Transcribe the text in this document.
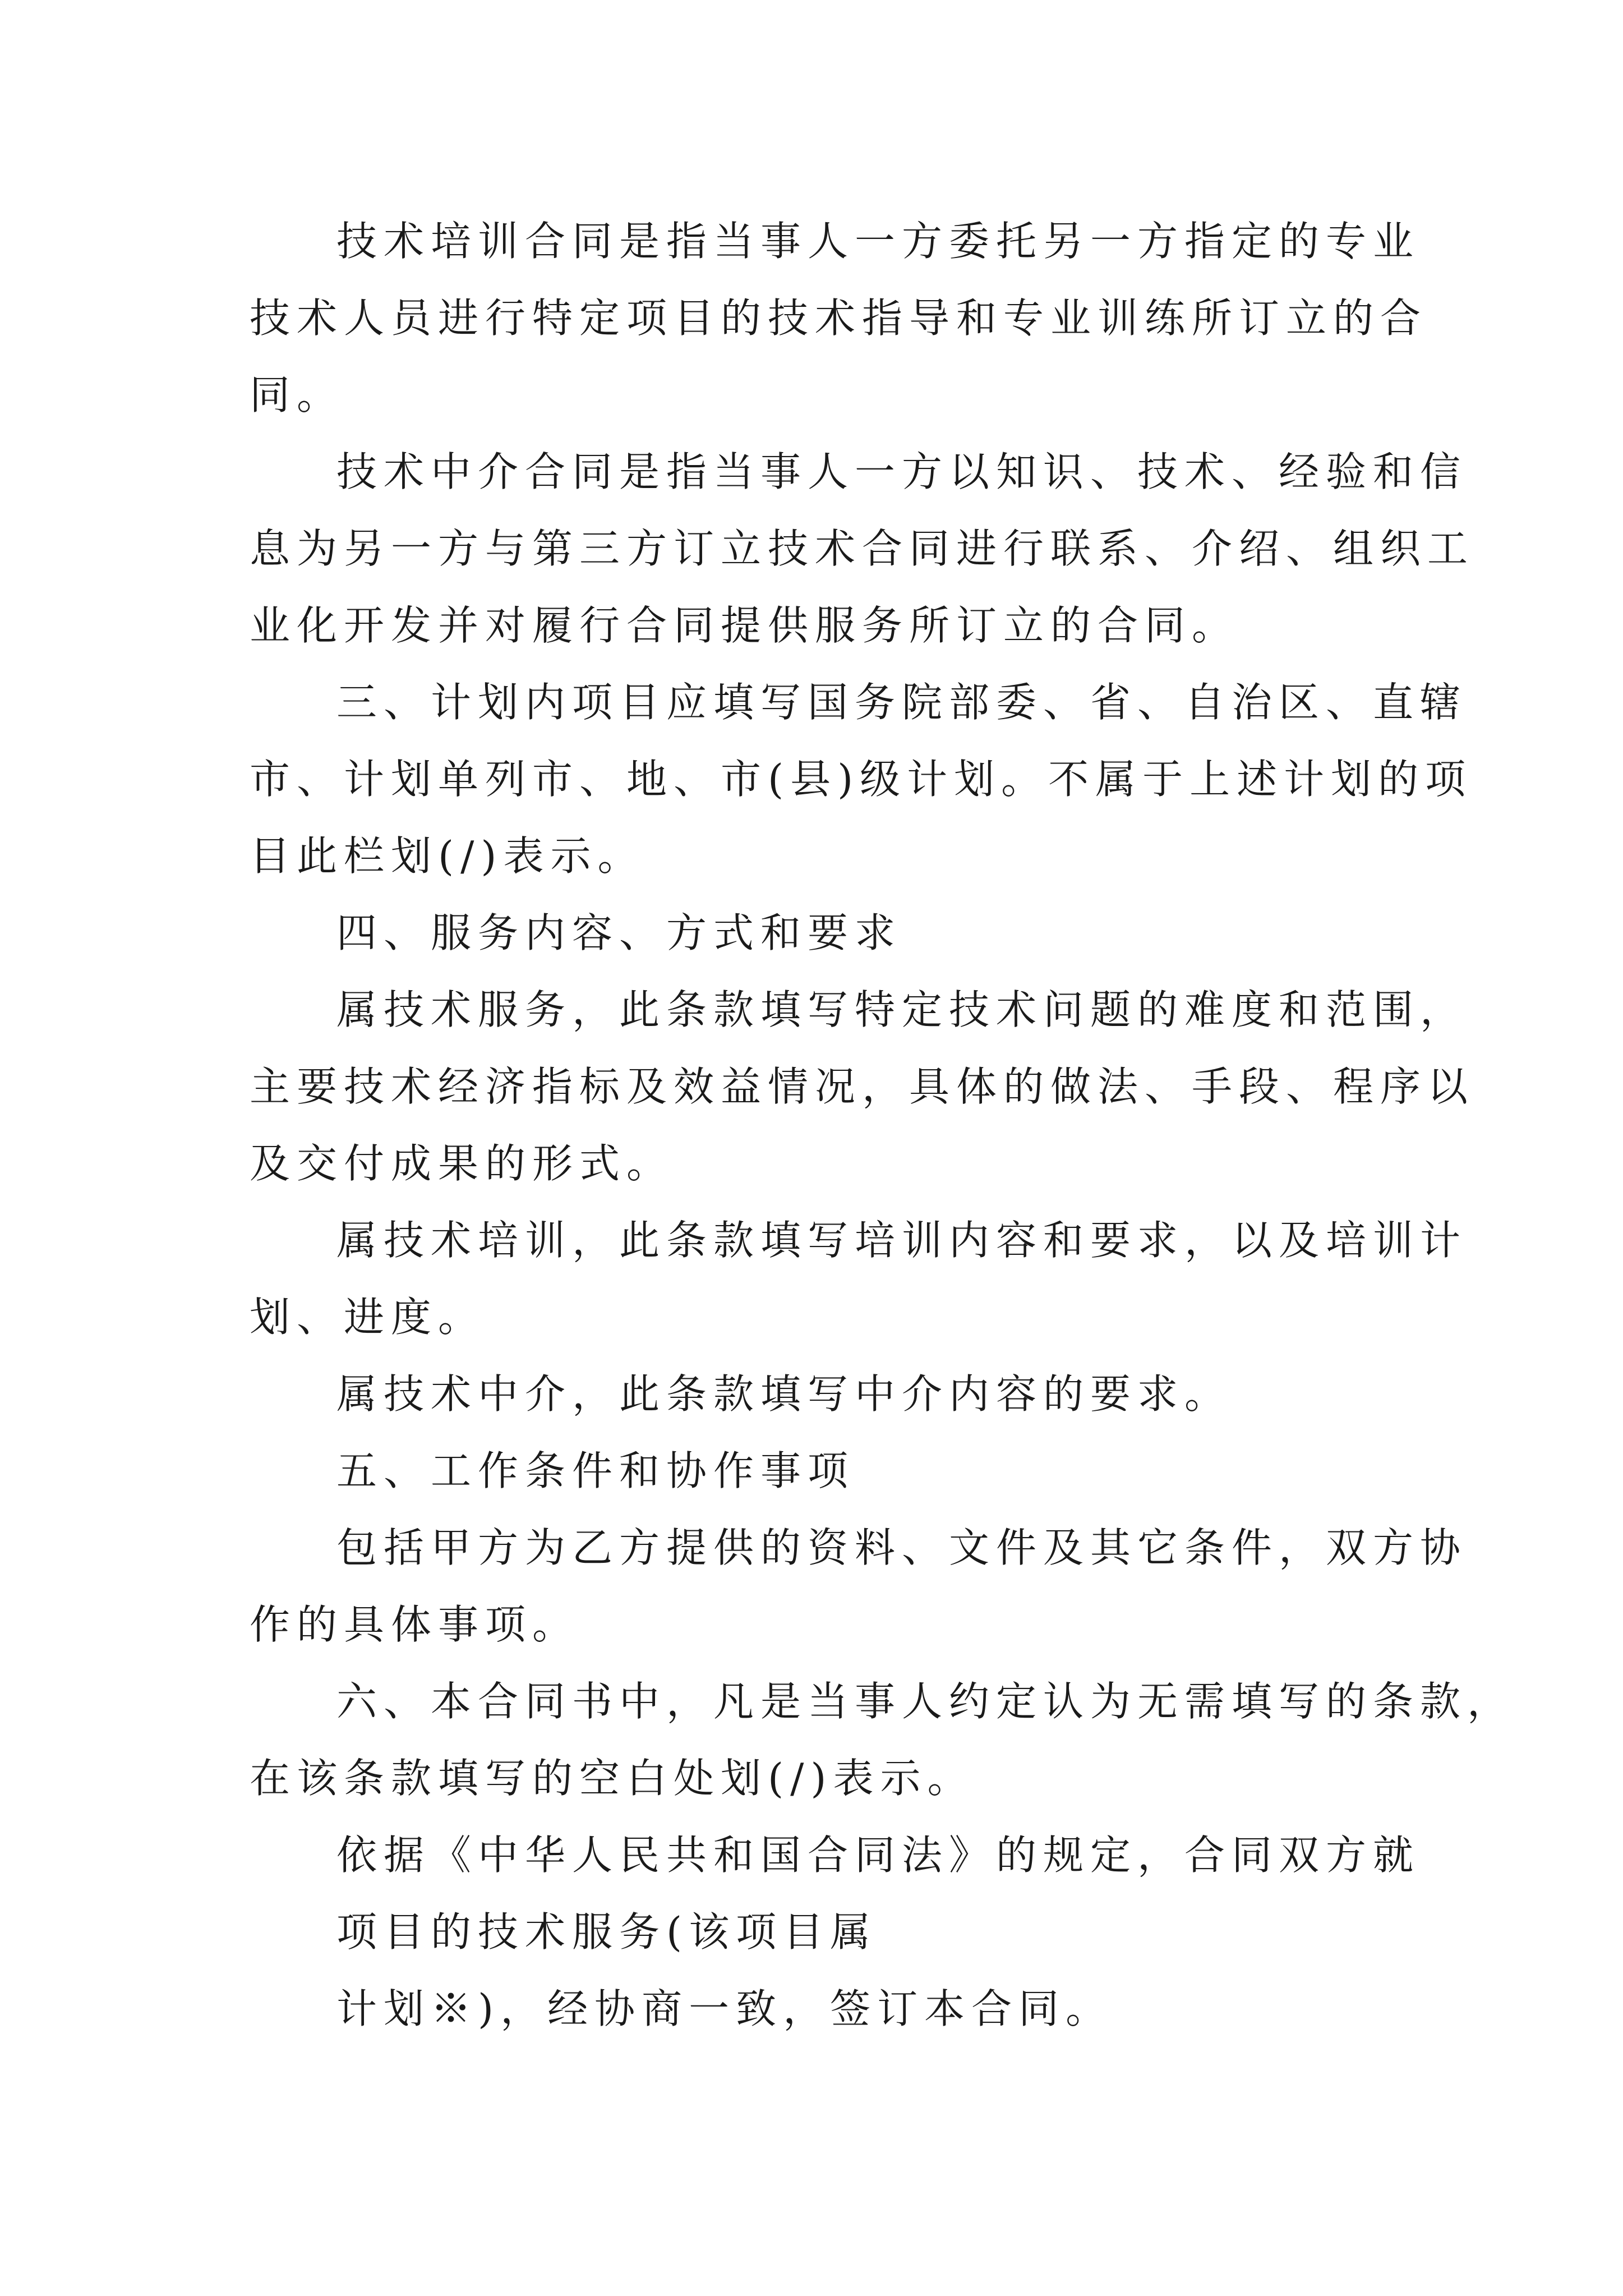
技术培训合同是指当事人一方委托另一方指定的专业
技术人员进行特定项目的技术指导和专业训练所订立的合
同。
技术中介合同是指当事人一方以知识、技术、经验和信
息为另一方与第三方订立技术合同进行联系、介绍、组织工
业化开发并对履行合同提供服务所订立的合同。
三、计划内项目应填写国务院部委、省、自治区、直辖
市、计划单列市、地、市(县)级计划。不属于上述计划的项
目此栏划(/)表示。
四、服务内容、方式和要求
属技术服务，此条款填写特定技术问题的难度和范围，
主要技术经济指标及效益情况，具体的做法、手段、程序以
及交付成果的形式。
属技术培训，此条款填写培训内容和要求，以及培训计
划、进度。
属技术中介，此条款填写中介内容的要求。
五、工作条件和协作事项
包括甲方为乙方提供的资料、文件及其它条件，双方协
作的具体事项。
六、本合同书中，凡是当事人约定认为无需填写的条款，
在该条款填写的空白处划(/)表示。
依据《中华人民共和国合同法》的规定，合同双方就
项目的技术服务(该项目属
计划※)，经协商一致，签订本合同。
